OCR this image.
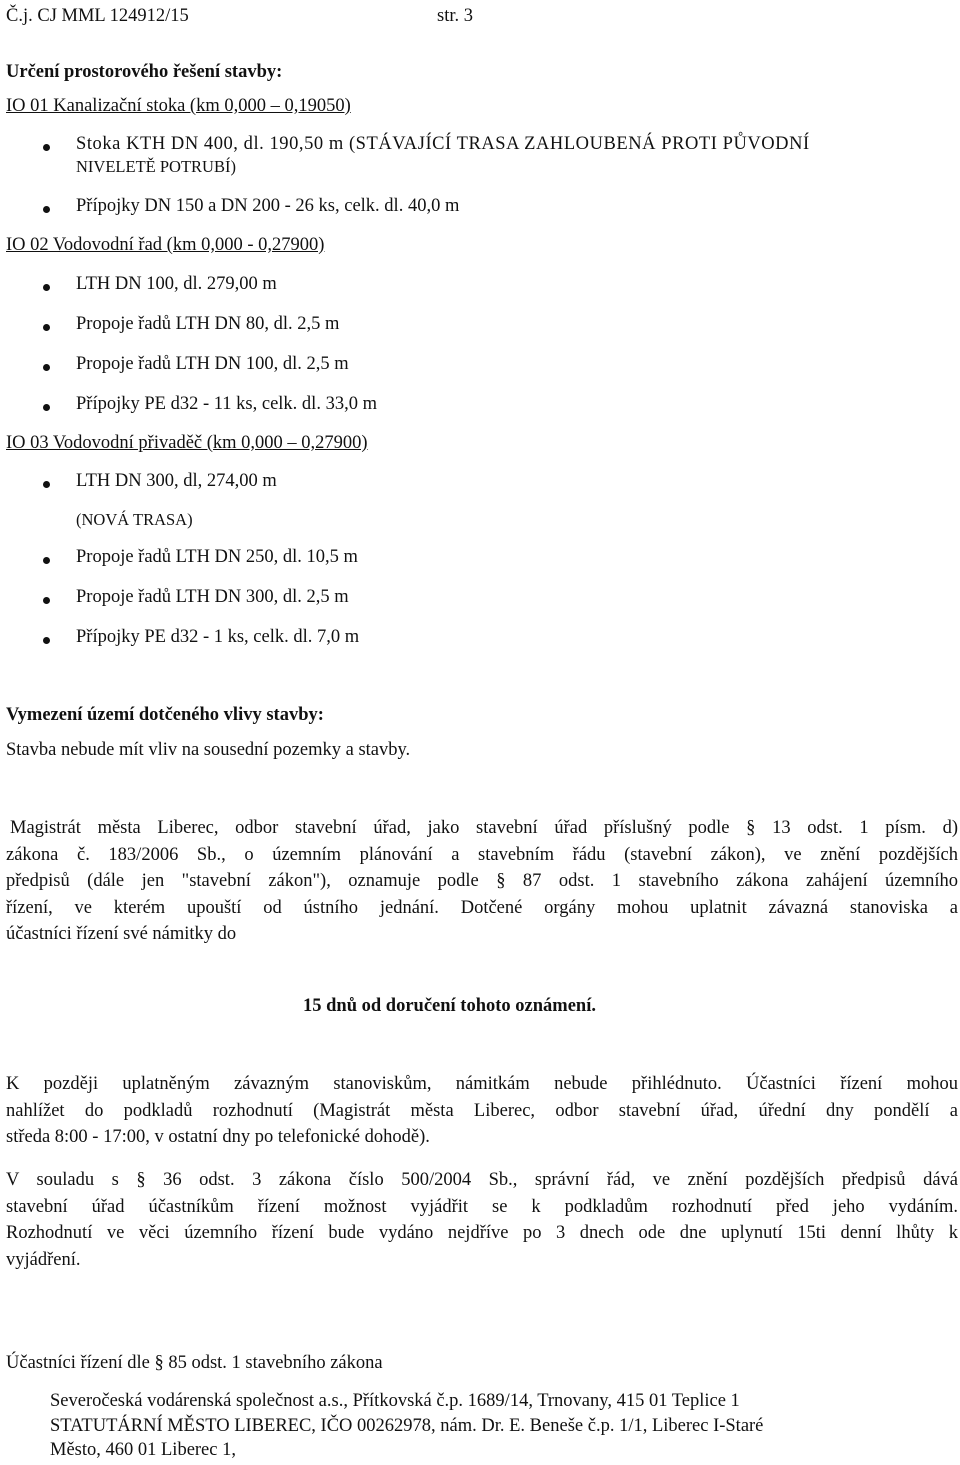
Č.j. CJ MML 124912/15	str. 3
Určení prostorového řešení stavby:
IO 01 Kanalizační stoka (km 0,000 – 0,19050)
Stoka KTH DN 400, dl. 190,50 m (STÁVAJÍCÍ TRASA ZAHLOUBENÁ PROTI PŮVODNÍ
NIVELETĚ POTRUBÍ)
Přípojky DN 150 a DN 200 - 26 ks, celk. dl. 40,0 m
IO 02 Vodovodní řad (km 0,000 - 0,27900)
LTH DN 100, dl. 279,00 m
Propoje řadů LTH DN 80, dl. 2,5 m
Propoje řadů LTH DN 100, dl. 2,5 m
Přípojky PE d32 - 11 ks, celk. dl. 33,0 m
IO 03 Vodovodní přivaděč (km 0,000 – 0,27900)
LTH DN 300, dl, 274,00 m
(NOVÁ TRASA)
Propoje řadů LTH DN 250, dl. 10,5 m
Propoje řadů LTH DN 300, dl. 2,5 m
Přípojky PE d32 - 1 ks, celk. dl. 7,0 m
Vymezení území dotčeného vlivy stavby:
Stavba nebude mít vliv na sousední pozemky a stavby.
Magistrát města Liberec, odbor stavební úřad, jako stavební úřad příslušný podle § 13 odst. 1 písm. d)
zákona č. 183/2006 Sb., o územním plánování a stavebním řádu (stavební zákon), ve znění pozdějších
předpisů (dále jen "stavební zákon"), oznamuje podle § 87 odst. 1 stavebního zákona zahájení územního
řízení, ve kterém upouští od ústního jednání. Dotčené orgány mohou uplatnit závazná stanoviska a
účastníci řízení své námitky do
15 dnů od doručení tohoto oznámení.
K později uplatněným závazným stanoviskům, námitkám nebude přihlédnuto. Účastníci řízení mohou
nahlížet do podkladů rozhodnutí (Magistrát města Liberec, odbor stavební úřad, úřední dny pondělí a
středa 8:00 - 17:00, v ostatní dny po telefonické dohodě).
V souladu s § 36 odst. 3 zákona číslo 500/2004 Sb., správní řád, ve znění pozdějších předpisů dává
stavební úřad účastníkům řízení možnost vyjádřit se k podkladům rozhodnutí před jeho vydáním.
Rozhodnutí ve věci územního řízení bude vydáno nejdříve po 3 dnech ode dne uplynutí 15ti denní lhůty k
vyjádření.
Účastníci řízení dle § 85 odst. 1 stavebního zákona
Severočeská vodárenská společnost a.s., Přítkovská č.p. 1689/14, Trnovany, 415 01 Teplice 1
STATUTÁRNÍ MĚSTO LIBEREC, IČO 00262978, nám. Dr. E. Beneše č.p. 1/1, Liberec I-Staré
Město, 460 01 Liberec 1,
